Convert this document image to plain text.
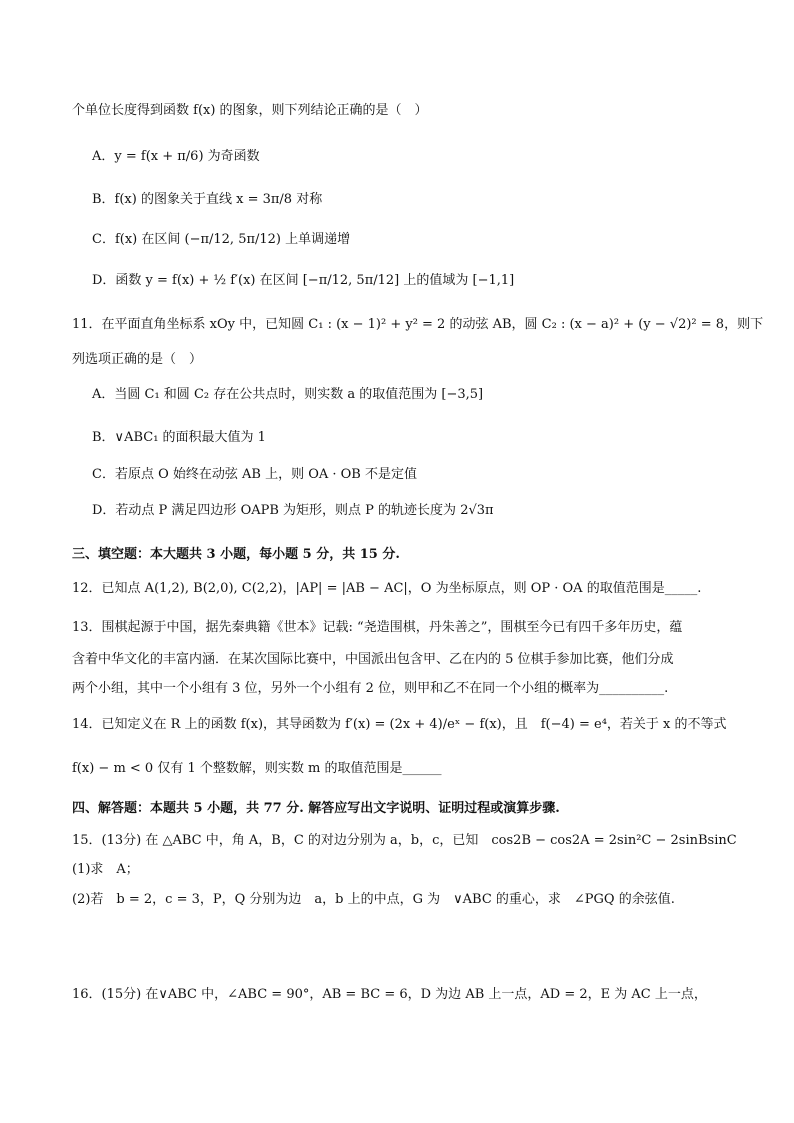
个单位长度得到函数 f(x) 的图象，则下列结论正确的是（　）
A．y = f(x + π/6) 为奇函数
B．f(x) 的图象关于直线 x = 3π/8 对称
C．f(x) 在区间 (−π/12, 5π/12) 上单调递增
D．函数 y = f(x) + ½ f′(x) 在区间 [−π/12, 5π/12] 上的值域为 [−1,1]
11．在平面直角坐标系 xOy 中，已知圆 C₁ : (x − 1)² + y² = 2 的动弦 AB，圆 C₂ : (x − a)² + (y − √2)² = 8，则下
列选项正确的是（　）
A．当圆 C₁ 和圆 C₂ 存在公共点时，则实数 a 的取值范围为 [−3,5]
B．∨ABC₁ 的面积最大值为 1
C．若原点 O 始终在动弦 AB 上，则 OA · OB 不是定值
D．若动点 P 满足四边形 OAPB 为矩形，则点 P 的轨迹长度为 2√3π
三、填空题：本大题共 3 小题，每小题 5 分，共 15 分.
12．已知点 A(1,2), B(2,0), C(2,2)，|AP| = |AB − AC|，O 为坐标原点，则 OP · OA 的取值范围是_____.
13．围棋起源于中国，据先秦典籍《世本》记载: “尧造围棋，丹朱善之”，围棋至今已有四千多年历史，蕴
含着中华文化的丰富内涵．在某次国际比赛中，中国派出包含甲、乙在内的 5 位棋手参加比赛，他们分成
两个小组，其中一个小组有 3 位，另外一个小组有 2 位，则甲和乙不在同一个小组的概率为__________.
14．已知定义在 R 上的函数 f(x)，其导函数为 f′(x) = (2x + 4)/eˣ − f(x)，且　f(−4) = e⁴，若关于 x 的不等式
f(x) − m < 0 仅有 1 个整数解，则实数 m 的取值范围是______
四、解答题：本题共 5 小题，共 77 分. 解答应写出文字说明、证明过程或演算步骤.
15．(13分) 在 △ABC 中，角 A，B，C 的对边分别为 a，b，c，已知　cos2B − cos2A = 2sin²C − 2sinBsinC
(1)求　A；
(2)若　b = 2，c = 3，P，Q 分别为边　a，b 上的中点，G 为　∨ABC 的重心，求　∠PGQ 的余弦值.
16．(15分) 在∨ABC 中，∠ABC = 90°，AB = BC = 6，D 为边 AB 上一点，AD = 2，E 为 AC 上一点，
